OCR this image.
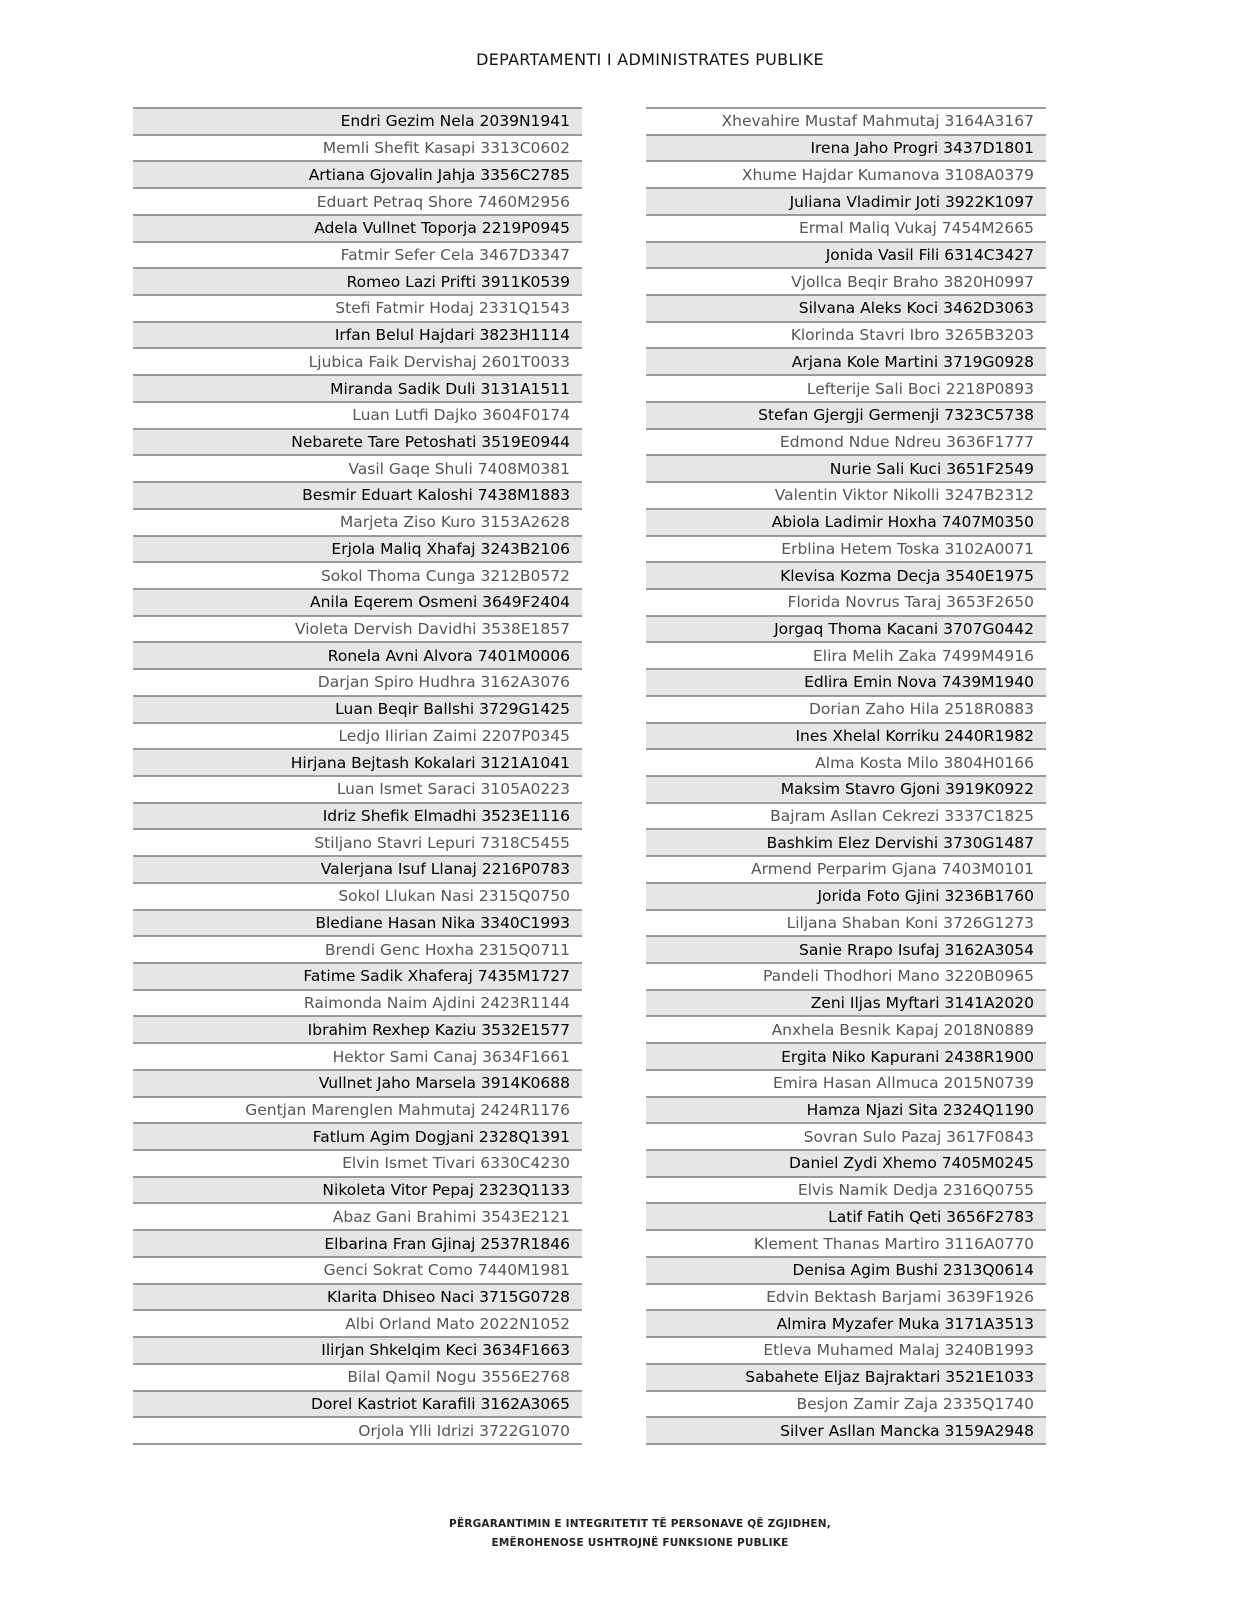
DEPARTAMENTI I ADMINISTRATES PUBLIKE
Endri Gezim Nela 2039N1941
Memli Shefit Kasapi 3313C0602
Artiana Gjovalin Jahja 3356C2785
Eduart Petraq Shore 7460M2956
Adela Vullnet Toporja 2219P0945
Fatmir Sefer Cela 3467D3347
Romeo Lazi Prifti 3911K0539
Stefi Fatmir Hodaj 2331Q1543
Irfan Belul Hajdari 3823H1114
Ljubica Faik Dervishaj 2601T0033
Miranda Sadik Duli 3131A1511
Luan Lutfi Dajko 3604F0174
Nebarete Tare Petoshati 3519E0944
Vasil Gaqe Shuli 7408M0381
Besmir Eduart Kaloshi 7438M1883
Marjeta Ziso Kuro 3153A2628
Erjola Maliq Xhafaj 3243B2106
Sokol Thoma Cunga 3212B0572
Anila Eqerem Osmeni 3649F2404
Violeta Dervish Davidhi 3538E1857
Ronela Avni Alvora 7401M0006
Darjan Spiro Hudhra 3162A3076
Luan Beqir Ballshi 3729G1425
Ledjo Ilirian Zaimi 2207P0345
Hirjana Bejtash Kokalari 3121A1041
Luan Ismet Saraci 3105A0223
Idriz Shefik Elmadhi 3523E1116
Stiljano Stavri Lepuri 7318C5455
Valerjana Isuf Llanaj 2216P0783
Sokol Llukan Nasi 2315Q0750
Blediane Hasan Nika 3340C1993
Brendi Genc Hoxha 2315Q0711
Fatime Sadik Xhaferaj 7435M1727
Raimonda Naim Ajdini 2423R1144
Ibrahim Rexhep Kaziu 3532E1577
Hektor Sami Canaj 3634F1661
Vullnet Jaho Marsela 3914K0688
Gentjan Marenglen Mahmutaj 2424R1176
Fatlum Agim Dogjani 2328Q1391
Elvin Ismet Tivari 6330C4230
Nikoleta Vitor Pepaj 2323Q1133
Abaz Gani Brahimi 3543E2121
Elbarina Fran Gjinaj 2537R1846
Genci Sokrat Como 7440M1981
Klarita Dhiseo Naci 3715G0728
Albi Orland Mato 2022N1052
Ilirjan Shkelqim Keci 3634F1663
Bilal Qamil Nogu 3556E2768
Dorel Kastriot Karafili 3162A3065
Orjola Ylli Idrizi 3722G1070
Xhevahire Mustaf Mahmutaj 3164A3167
Irena Jaho Progri 3437D1801
Xhume Hajdar Kumanova 3108A0379
Juliana Vladimir Joti 3922K1097
Ermal Maliq Vukaj 7454M2665
Jonida Vasil Fili 6314C3427
Vjollca Beqir Braho 3820H0997
Silvana Aleks Koci 3462D3063
Klorinda Stavri Ibro 3265B3203
Arjana Kole Martini 3719G0928
Lefterije Sali Boci 2218P0893
Stefan Gjergji Germenji 7323C5738
Edmond Ndue Ndreu 3636F1777
Nurie Sali Kuci 3651F2549
Valentin Viktor Nikolli 3247B2312
Abiola Ladimir Hoxha 7407M0350
Erblina Hetem Toska 3102A0071
Klevisa Kozma Decja 3540E1975
Florida Novrus Taraj 3653F2650
Jorgaq Thoma Kacani 3707G0442
Elira Melih Zaka 7499M4916
Edlira Emin Nova 7439M1940
Dorian Zaho Hila 2518R0883
Ines Xhelal Korriku 2440R1982
Alma Kosta Milo 3804H0166
Maksim Stavro Gjoni 3919K0922
Bajram Asllan Cekrezi 3337C1825
Bashkim Elez Dervishi 3730G1487
Armend Perparim Gjana 7403M0101
Jorida Foto Gjini 3236B1760
Liljana Shaban Koni 3726G1273
Sanie Rrapo Isufaj 3162A3054
Pandeli Thodhori Mano 3220B0965
Zeni Iljas Myftari 3141A2020
Anxhela Besnik Kapaj 2018N0889
Ergita Niko Kapurani 2438R1900
Emira Hasan Allmuca 2015N0739
Hamza Njazi Sita 2324Q1190
Sovran Sulo Pazaj 3617F0843
Daniel Zydi Xhemo 7405M0245
Elvis Namik Dedja 2316Q0755
Latif Fatih Qeti 3656F2783
Klement Thanas Martiro 3116A0770
Denisa Agim Bushi 2313Q0614
Edvin Bektash Barjami 3639F1926
Almira Myzafer Muka 3171A3513
Etleva Muhamed Malaj 3240B1993
Sabahete Eljaz Bajraktari 3521E1033
Besjon Zamir Zaja 2335Q1740
Silver Asllan Mancka 3159A2948
PËRGARANTIMIN E INTEGRITETIT TË PERSONAVE QË ZGJIDHEN,
EMËROHENOSE USHTROJNË FUNKSIONE PUBLIKE
